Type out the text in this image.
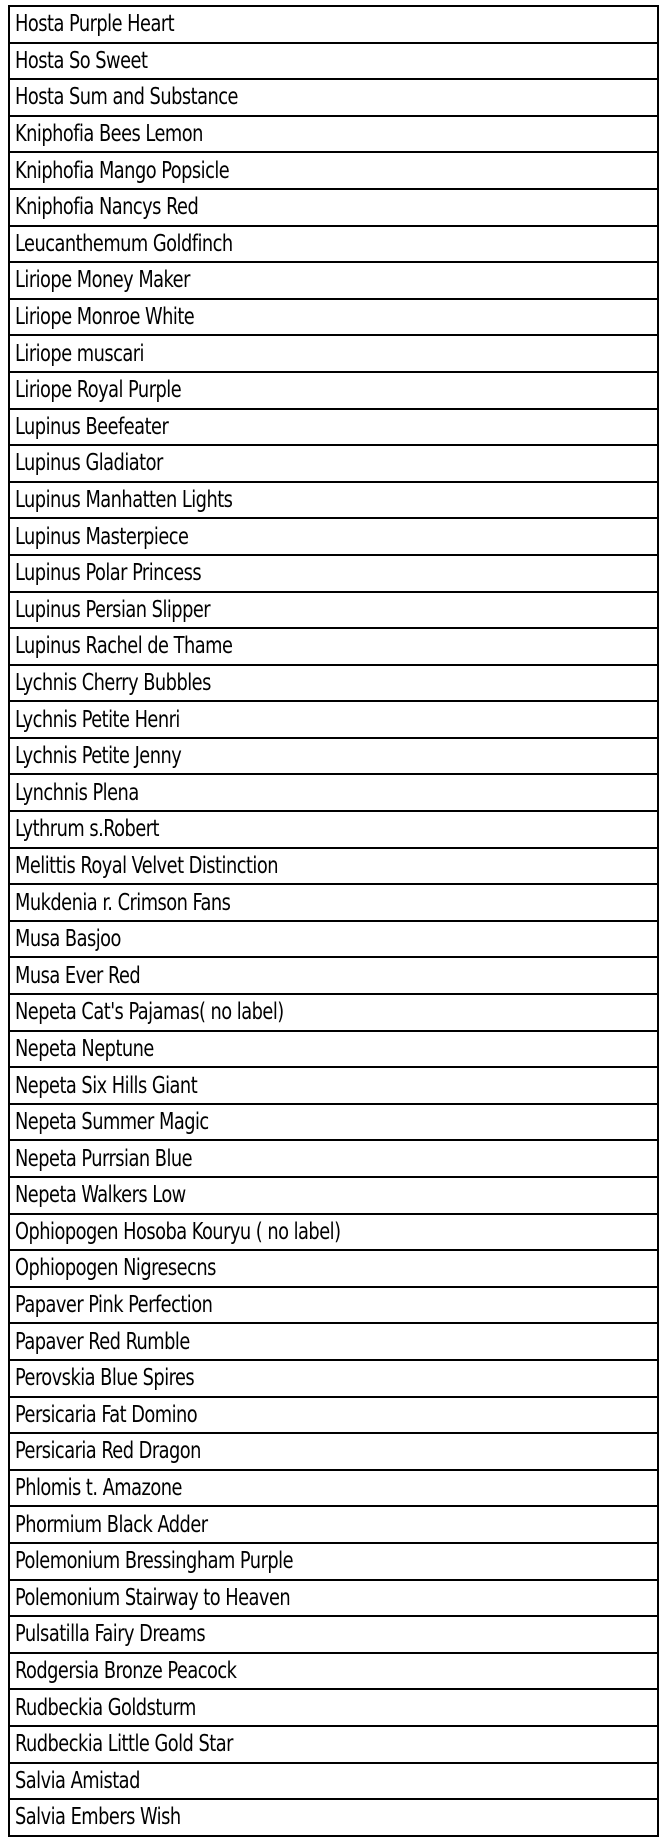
Hosta Purple Heart
Hosta So Sweet
Hosta Sum and Substance
Kniphofia Bees Lemon
Kniphofia Mango Popsicle
Kniphofia Nancys Red
Leucanthemum Goldfinch
Liriope Money Maker
Liriope Monroe White
Liriope muscari
Liriope Royal Purple
Lupinus Beefeater
Lupinus Gladiator
Lupinus Manhatten Lights
Lupinus Masterpiece
Lupinus Polar Princess
Lupinus Persian Slipper
Lupinus Rachel de Thame
Lychnis Cherry Bubbles
Lychnis Petite Henri
Lychnis Petite Jenny
Lynchnis Plena
Lythrum s.Robert
Melittis Royal Velvet Distinction
Mukdenia r. Crimson Fans
Musa Basjoo
Musa Ever Red
Nepeta Cat's Pajamas( no label)
Nepeta Neptune
Nepeta Six Hills Giant
Nepeta Summer Magic
Nepeta Purrsian Blue
Nepeta Walkers Low
Ophiopogen Hosoba Kouryu ( no label)
Ophiopogen Nigresecns
Papaver Pink Perfection
Papaver Red Rumble
Perovskia Blue Spires
Persicaria Fat Domino
Persicaria Red Dragon
Phlomis t. Amazone
Phormium Black Adder
Polemonium Bressingham Purple
Polemonium Stairway to Heaven
Pulsatilla Fairy Dreams
Rodgersia Bronze Peacock
Rudbeckia Goldsturm
Rudbeckia Little Gold Star
Salvia Amistad
Salvia Embers Wish
